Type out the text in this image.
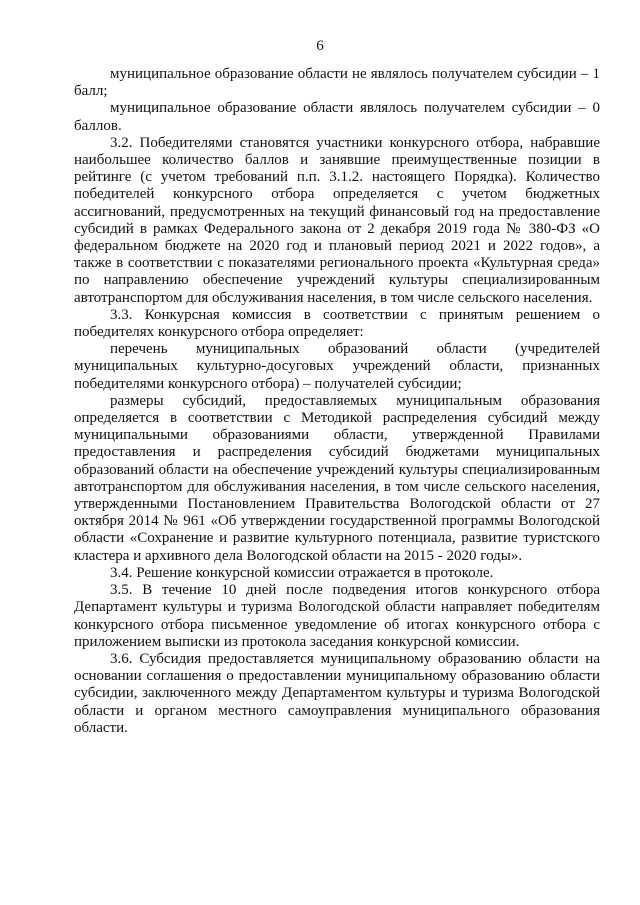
6

муниципальное образование области не являлось получателем субсидии – 1 балл;

муниципальное образование области являлось получателем субсидии – 0 баллов.

3.2. Победителями становятся участники конкурсного отбора, набравшие наибольшее количество баллов и занявшие преимущественные позиции в рейтинге (с учетом требований п.п. 3.1.2. настоящего Порядка). Количество победителей конкурсного отбора определяется с учетом бюджетных ассигнований, предусмотренных на текущий финансовый год на предоставление субсидий в рамках Федерального закона от 2 декабря 2019 года № 380-ФЗ «О федеральном бюджете на 2020 год и плановый период 2021 и 2022 годов», а также в соответствии с показателями регионального проекта «Культурная среда» по направлению обеспечение учреждений культуры специализированным автотранспортом для обслуживания населения, в том числе сельского населения.

3.3. Конкурсная комиссия в соответствии с принятым решением о победителях конкурсного отбора определяет:

перечень муниципальных образований области (учредителей муниципальных культурно-досуговых учреждений области, признанных победителями конкурсного отбора) – получателей субсидии;

размеры субсидий, предоставляемых муниципальным образования определяется в соответствии с Методикой распределения субсидий между муниципальными образованиями области, утвержденной Правилами предоставления и распределения субсидий бюджетами муниципальных образований области на обеспечение учреждений культуры специализированным автотранспортом для обслуживания населения, в том числе сельского населения, утвержденными Постановлением Правительства Вологодской области от 27 октября 2014 № 961 «Об утверждении государственной программы Вологодской области «Сохранение и развитие культурного потенциала, развитие туристского кластера и архивного дела Вологодской области на 2015 - 2020 годы».

3.4. Решение конкурсной комиссии отражается в протоколе.

3.5. В течение 10 дней после подведения итогов конкурсного отбора Департамент культуры и туризма Вологодской области направляет победителям конкурсного отбора письменное уведомление об итогах конкурсного отбора с приложением выписки из протокола заседания конкурсной комиссии.

3.6. Субсидия предоставляется муниципальному образованию области на основании соглашения о предоставлении муниципальному образованию области субсидии, заключенного между Департаментом культуры и туризма Вологодской области и органом местного самоуправления муниципального образования области.
